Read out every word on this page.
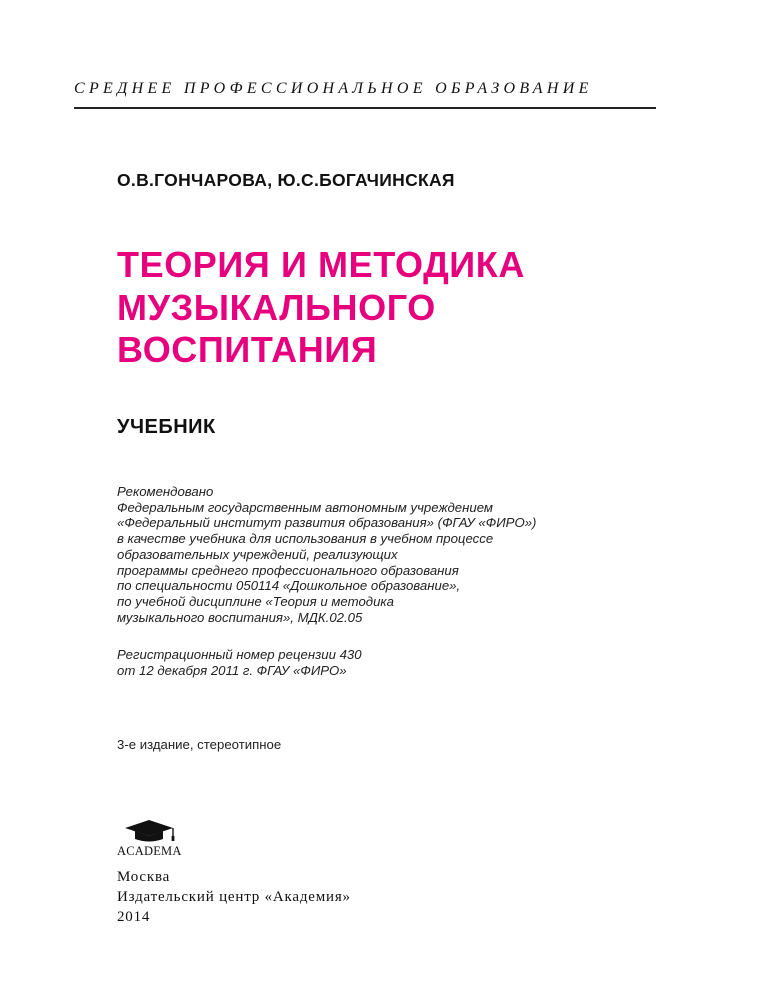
СРЕДНЕЕ ПРОФЕССИОНАЛЬНОЕ ОБРАЗОВАНИЕ
О.В.ГОНЧАРОВА, Ю.С.БОГАЧИНСКАЯ
ТЕОРИЯ И МЕТОДИКА
МУЗЫКАЛЬНОГО
ВОСПИТАНИЯ
УЧЕБНИК
Рекомендовано
Федеральным государственным автономным учреждением
«Федеральный институт развития образования» (ФГАУ «ФИРО»)
в качестве учебника для использования в учебном процессе
образовательных учреждений, реализующих
программы среднего профессионального образования
по специальности 050114 «Дошкольное образование»,
по учебной дисциплине «Теория и методика
музыкального воспитания», МДК.02.05
Регистрационный номер рецензии 430
от 12 декабря 2011 г. ФГАУ «ФИРО»
3-е издание, стереотипное
ACADEMA
Москва
Издательский центр «Академия»
2014
